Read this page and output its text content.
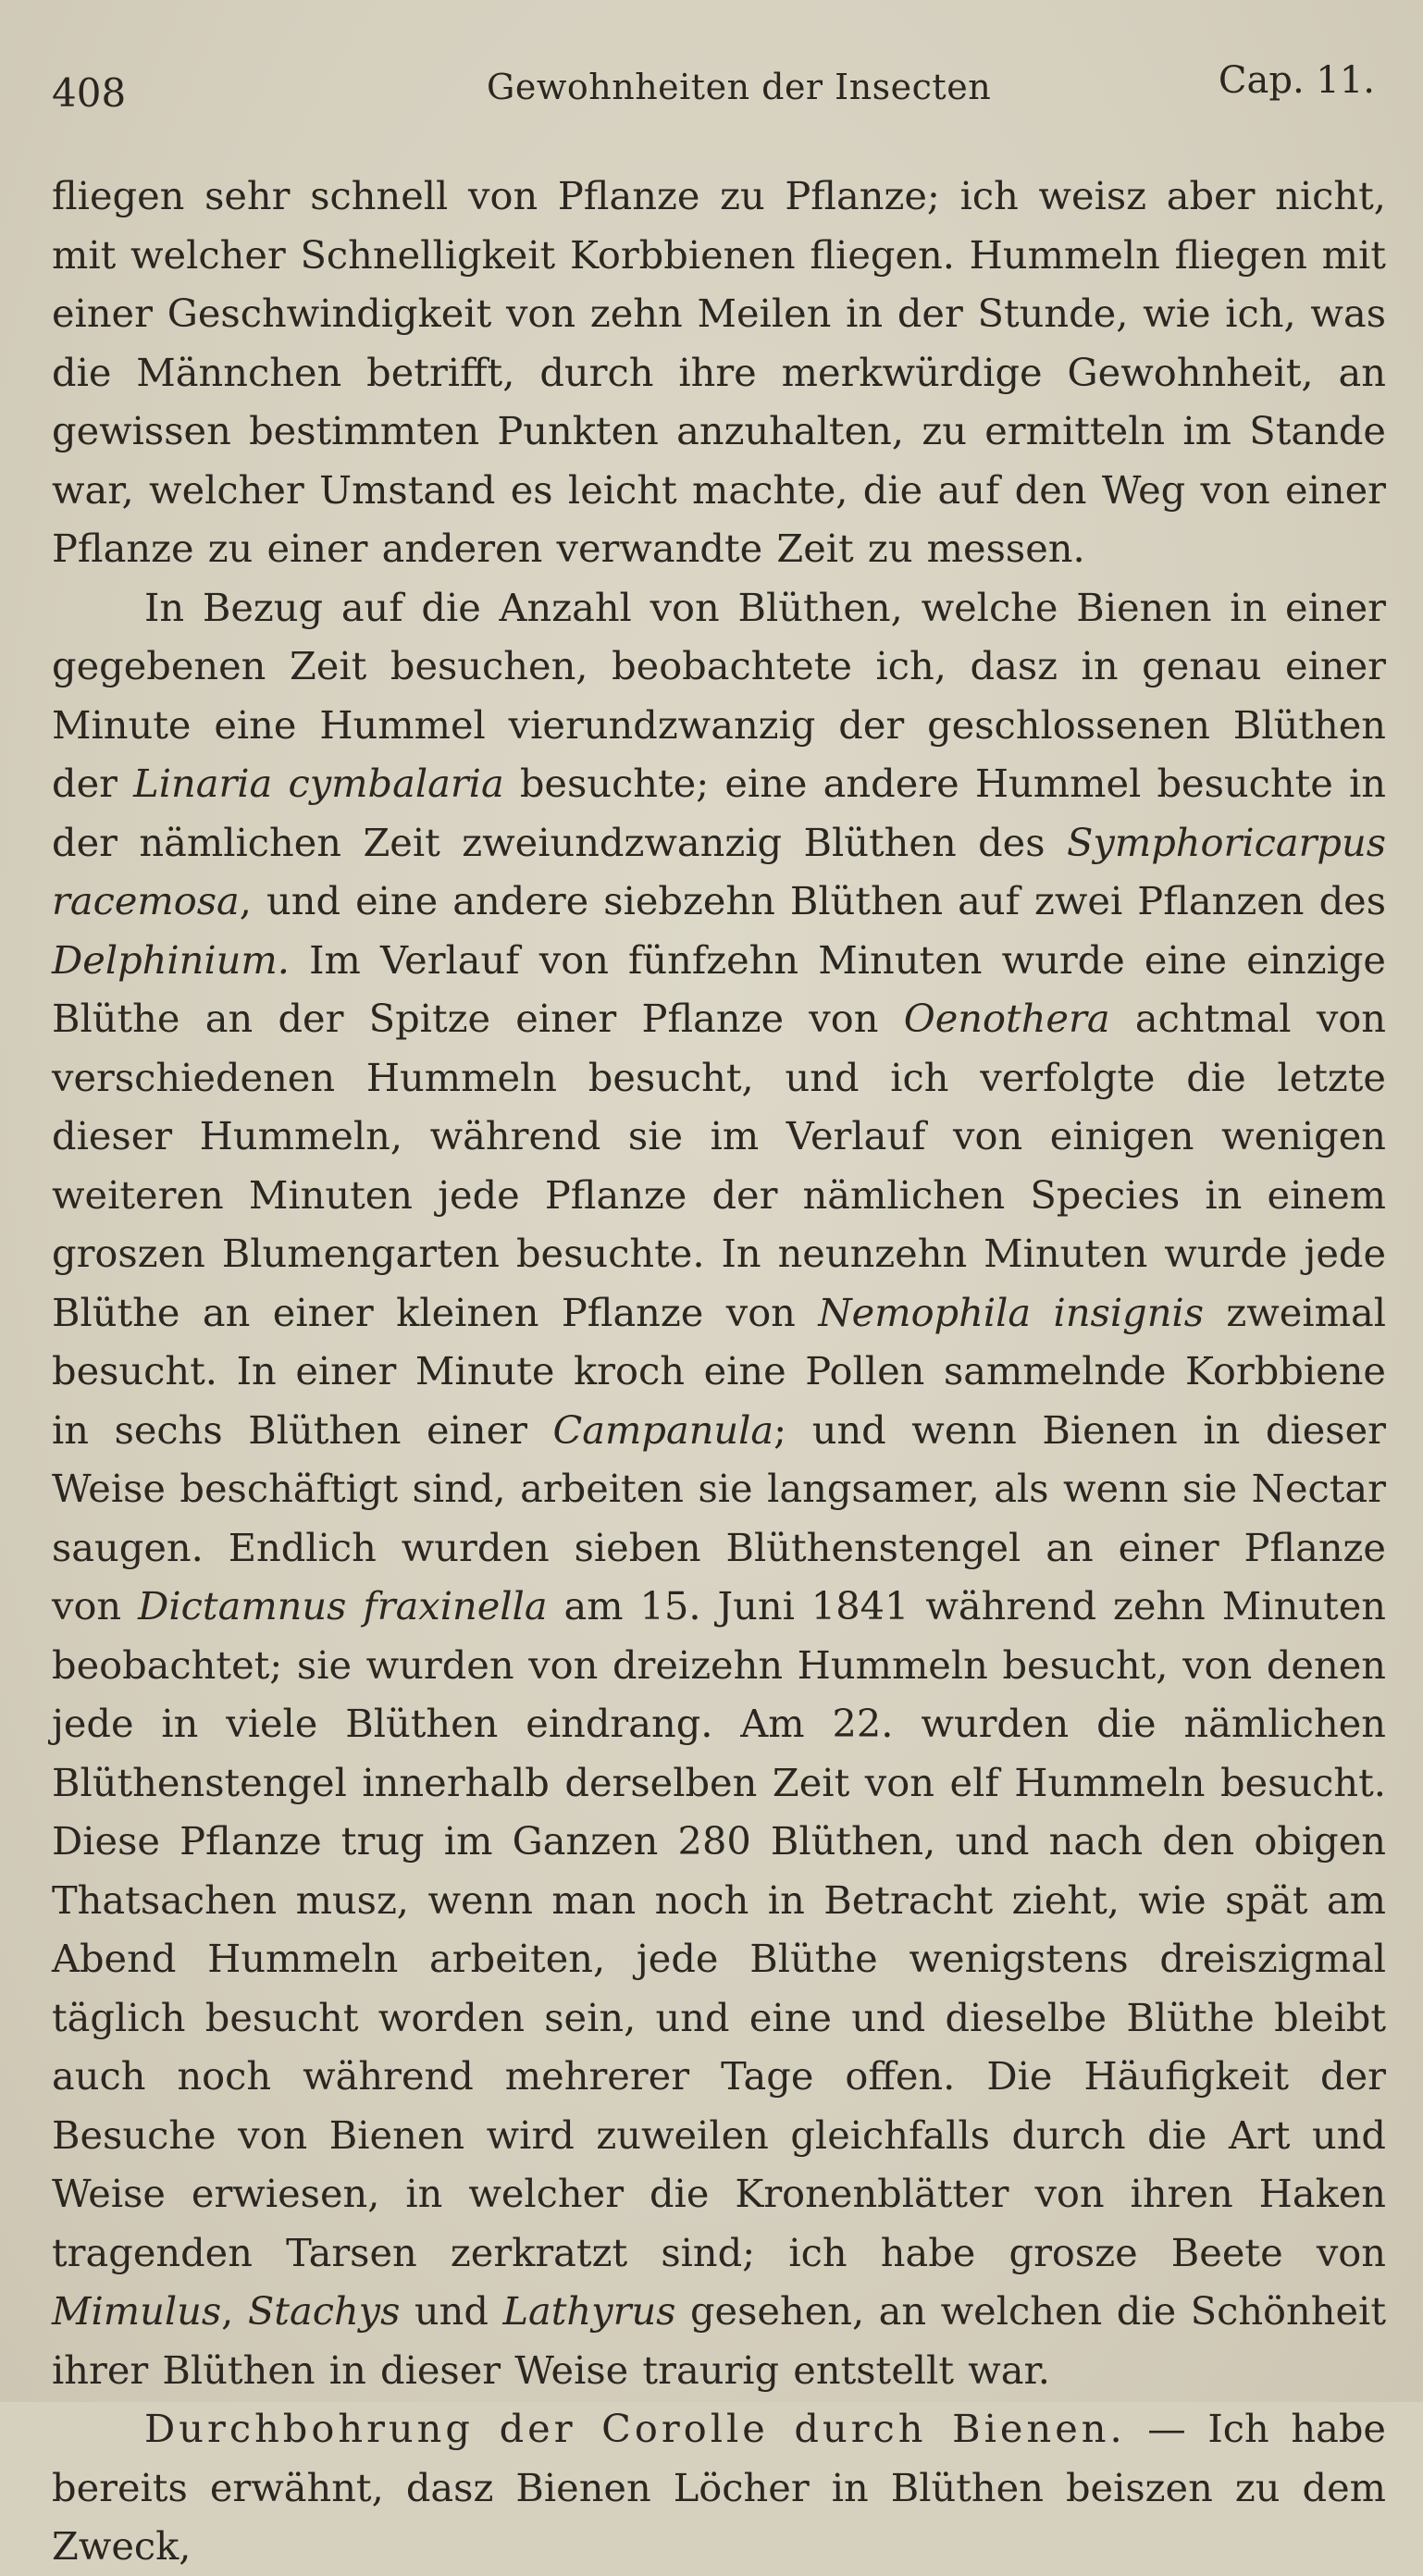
408	Gewohnheiten der Insecten	Cap. 11.

fliegen sehr schnell von Pflanze zu Pflanze; ich weisz aber nicht, mit welcher Schnelligkeit Korbbienen fliegen. Hummeln fliegen mit einer Geschwindigkeit von zehn Meilen in der Stunde, wie ich, was die Männchen betrifft, durch ihre merkwürdige Gewohnheit, an gewissen bestimmten Punkten anzuhalten, zu ermitteln im Stande war, welcher Umstand es leicht machte, die auf den Weg von einer Pflanze zu einer anderen verwandte Zeit zu messen.

In Bezug auf die Anzahl von Blüthen, welche Bienen in einer gegebenen Zeit besuchen, beobachtete ich, dasz in genau einer Minute eine Hummel vierundzwanzig der geschlossenen Blüthen der Linaria cymbalaria besuchte; eine andere Hummel besuchte in der nämlichen Zeit zweiundzwanzig Blüthen des Symphoricarpus racemosa, und eine andere siebzehn Blüthen auf zwei Pflanzen des Delphinium. Im Verlauf von fünfzehn Minuten wurde eine einzige Blüthe an der Spitze einer Pflanze von Oenothera achtmal von verschiedenen Hummeln besucht, und ich verfolgte die letzte dieser Hummeln, während sie im Verlauf von einigen wenigen weiteren Minuten jede Pflanze der nämlichen Species in einem groszen Blumengarten besuchte. In neunzehn Minuten wurde jede Blüthe an einer kleinen Pflanze von Nemophila insignis zweimal besucht. In einer Minute kroch eine Pollen sammelnde Korbbiene in sechs Blüthen einer Campanula; und wenn Bienen in dieser Weise beschäftigt sind, arbeiten sie langsamer, als wenn sie Nectar saugen. Endlich wurden sieben Blüthenstengel an einer Pflanze von Dictamnus fraxinella am 15. Juni 1841 während zehn Minuten beobachtet; sie wurden von dreizehn Hummeln besucht, von denen jede in viele Blüthen eindrang. Am 22. wurden die nämlichen Blüthenstengel innerhalb derselben Zeit von elf Hummeln besucht. Diese Pflanze trug im Ganzen 280 Blüthen, und nach den obigen Thatsachen musz, wenn man noch in Betracht zieht, wie spät am Abend Hummeln arbeiten, jede Blüthe wenigstens dreiszigmal täglich besucht worden sein, und eine und dieselbe Blüthe bleibt auch noch während mehrerer Tage offen. Die Häufigkeit der Besuche von Bienen wird zuweilen gleichfalls durch die Art und Weise erwiesen, in welcher die Kronenblätter von ihren Haken tragenden Tarsen zerkratzt sind; ich habe grosze Beete von Mimulus, Stachys und Lathyrus gesehen, an welchen die Schönheit ihrer Blüthen in dieser Weise traurig entstellt war.

Durchbohrung der Corolle durch Bienen. — Ich habe bereits erwähnt, dasz Bienen Löcher in Blüthen beiszen zu dem Zweck,
